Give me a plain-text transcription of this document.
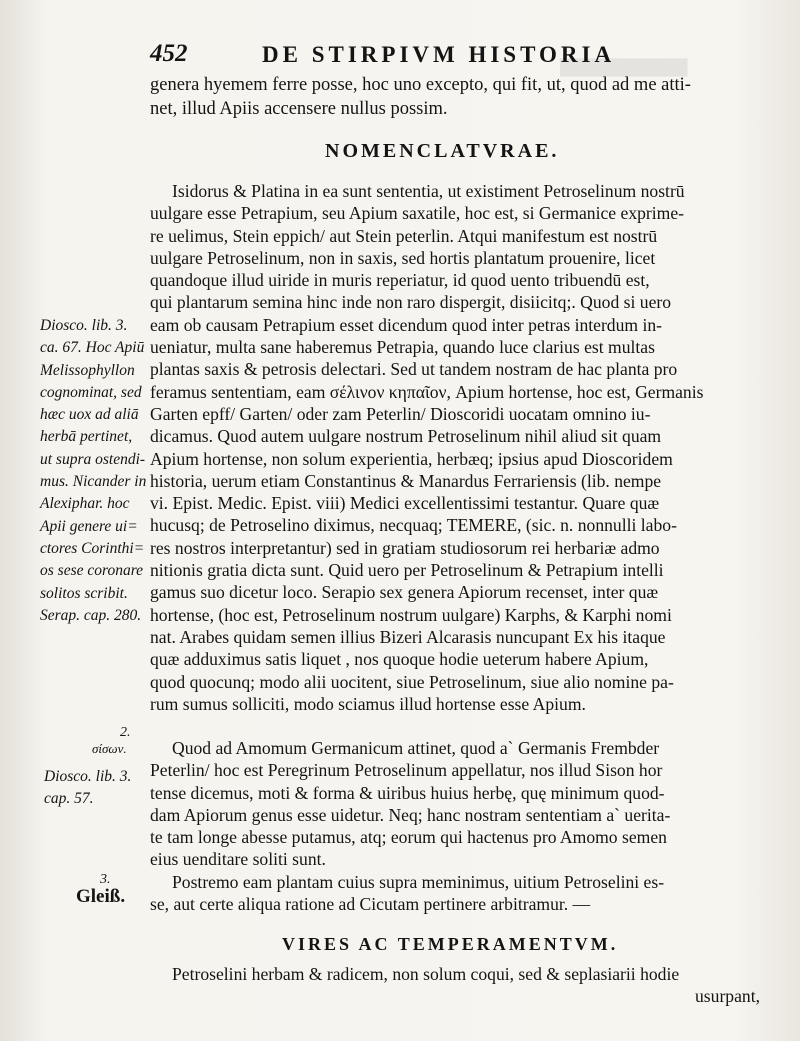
████████████
452	DE STIRPIVM HISTORIA
genera hyemem ferre posse, hoc uno excepto, qui fit, ut, quod ad me atti-
net, illud Apiis accensere nullus possim.
NOMENCLATVRAE.
Isidorus & Platina in ea sunt sententia, ut existiment Petroselinum nostrū
uulgare esse Petrapium, seu Apium saxatile, hoc est, si Germanice exprime-
re uelimus, Stein eppich/ aut Stein peterlin. Atqui manifestum est nostrū
uulgare Petroselinum, non in saxis, sed hortis plantatum prouenire, licet
quandoque illud uiride in muris reperiatur, id quod uento tribuendū est,
qui plantarum semina hinc inde non raro dispergit, disiicitq;. Quod si uero
eam ob causam Petrapium esset dicendum quod inter petras interdum in-
ueniatur, multa sane haberemus Petrapia, quando luce clarius est multas
plantas saxis & petrosis delectari. Sed ut tandem nostram de hac planta pro
feramus sententiam, eam σέλινον κηπαῖον, Apium hortense, hoc est, Germanis
Garten epff/ Garten/ oder zam Peterlin/ Dioscoridi uocatam omnino iu-
dicamus. Quod autem uulgare nostrum Petroselinum nihil aliud sit quam
Apium hortense, non solum experientia, herbæq; ipsius apud Dioscoridem
historia, uerum etiam Constantinus & Manardus Ferrariensis (lib. nempe
vi. Epist. Medic. Epist. viii) Medici excellentissimi testantur. Quare quæ
hucusq; de Petroselino diximus, necquaq; TEMERE, (sic. n. nonnulli labo-
res nostros interpretantur) sed in gratiam studiosorum rei herbariæ admo
nitionis gratia dicta sunt. Quid uero per Petroselinum & Petrapium intelli
gamus suo dicetur loco. Serapio sex genera Apiorum recenset, inter quæ
hortense, (hoc est, Petroselinum nostrum uulgare) Karphs, & Karphi nomi
nat. Arabes quidam semen illius Bizeri Alcarasis nuncupant Ex his itaque
quæ adduximus satis liquet , nos quoque hodie ueterum habere Apium,
quod quocunq; modo alii uocitent, siue Petroselinum, siue alio nomine pa-
rum sumus solliciti, modo sciamus illud hortense esse Apium.
Quod ad Amomum Germanicum attinet, quod a` Germanis Frembder
Peterlin/ hoc est Peregrinum Petroselinum appellatur, nos illud Sison hor
tense dicemus, moti & forma & uiribus huius herbę, quę minimum quod-
dam Apiorum genus esse uidetur. Neq; hanc nostram sententiam a` uerita-
te tam longe abesse putamus, atq; eorum qui hactenus pro Amomo semen
eius uenditare soliti sunt.
Postremo eam plantam cuius supra meminimus, uitium Petroselini es-
se, aut certe aliqua ratione ad Cicutam pertinere arbitramur. —
VIRES AC TEMPERAMENTVM.
Petroselini herbam & radicem, non solum coqui, sed & seplasiarii hodie
usurpant,
Diosco. lib. 3.
ca. 67. Hoc Apiū
Melissophyllon
cognominat, sed
hæc uox ad aliā
herbā pertinet,
ut supra ostendi-
mus. Nicander in
Alexiphar. hoc
Apii genere ui=
ctores Corinthi=
os sese coronare
solitos scribit.
Serap. cap. 280.
2.
σίσων.
Diosco. lib. 3.
cap. 57.
3.
Gleiß.
